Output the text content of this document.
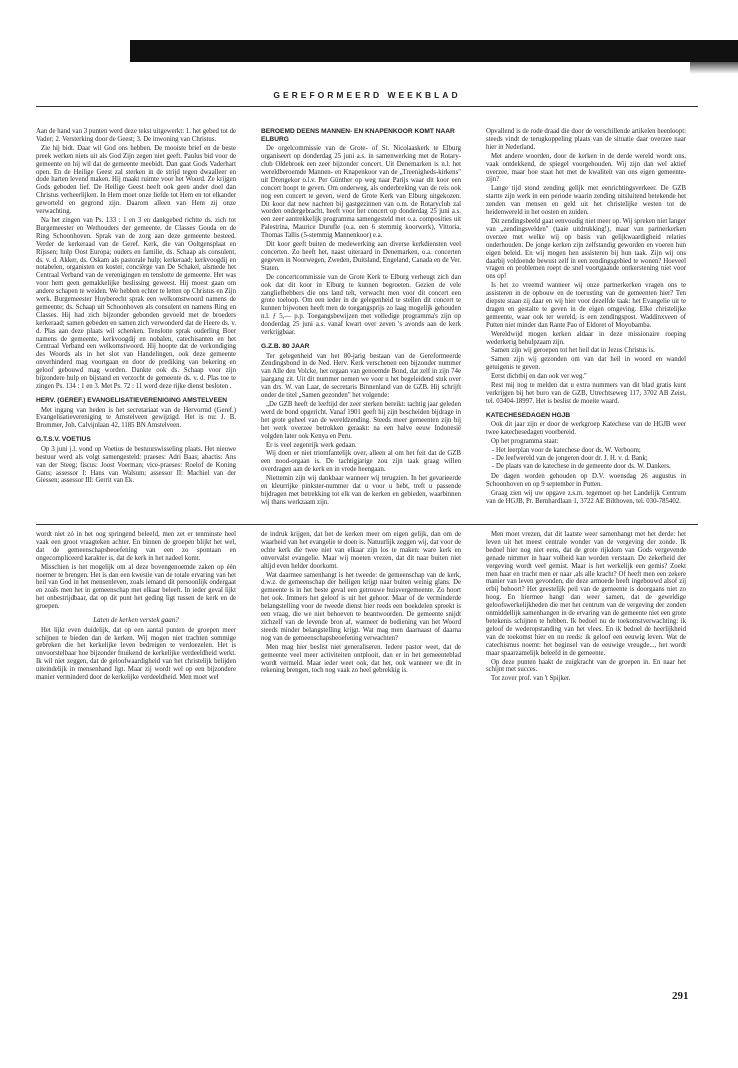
GEREFORMEERD WEEKBLAD

Aan de hand van 3 punten werd deze tekst uitgewerkt: 1. het gebed tot de Vader; 2. Versterking door de Geest; 3. De inwoning van Christus.

Zie hij bidt. Daar wil God ons hebben. De mooiste brief en de beste preek werken niets uit als God Zijn zegen niet geeft. Paulus bid voor de gemeente en hij wil dat de gemeente meebidt. Dan gaat Gods Vaderhart open. En de Heilige Geest zal sterken in de strijd tegen dwaalleer en dode harten levend maken. Hij maakt ruimte voor het Woord. Ze krijgen Gods geboden lief. De Heilige Geest heeft ook geen ander doel dan Christus verheerlijken. In Hem moet onze liefde tot Hem en tot elkander geworteld en gegrond zijn. Daarom alleen van Hem zij onze verwachting.

Na het zingen van Ps. 133 : 1 en 3 en dankgebed richtte ds. zich tot Burgemeester en Wethouders der gemeente, de Classes Gouda en de Ring Schoonhoven. Sprak van de zorg aan deze gemeente besteed. Verder de kerkeraad van de Geref. Kerk, die van Ooltgensplaat en Rijssen; hulp Oost Europa; ouders en familie, ds. Schaap als consulent, ds. v. d. Akker, ds. Oskam als pastorale hulp; kerkeraad; kerkvoogdij en notabelen, organisten en koster, conciërge van De Schakel, alsmede het Centraal Verband van de verenigingen en tenslotte de gemeente. Het was voor hem geen gemakkelijke beslissing geweest. Hij moest gaan om andere schapen te weiden. We hebben echter te letten op Christus en Zijn werk. Burgemeester Huyberecht sprak een welkomstwoord namens de gemeente; ds. Schaap uit Schoonhoven als consulent en namens Ring en Classes. Hij had zich bijzonder gebonden gevoeld met de broeders kerkeraad; samen gebeden en samen zich verwonderd dat de Heere ds. v. d. Plas aan deze plaats wil schenken. Tenslotte sprak ouderling Boer namens de gemeente, kerkvoogdij en nobalen, catechisanten en het Centraal Verband een welkomstwoord. Hij hoopte dat de verkondiging des Woords als in het slot van Handelingen, ook deze gemeente onverhinderd mag voortgaan en door de prediking van bekering en geloof gebouwd mag worden. Dankte ook ds. Schaap voor zijn bijzondere hulp en bijstand en verzocht de gemeente ds. v. d. Plas toe te zingen Ps. 134 : 1 en 3. Met Ps. 72 : 11 werd deze rijke dienst besloten .

HERV. (GEREF.) EVANGELISATIEVERENIGING AMSTELVEEN

Met ingang van heden is het secretariaat van de Hervormd (Geref.) Evangelisatievereniging te Amstelveen gewijzigd. Het is nu: J. B. Brommer, Joh. Calvijnlaan 42, 1185 BN Amstelveen.

G.T.S.V. VOETIUS

Op 3 juni j.l. vond op Voetius de bestuurswisseling plaats. Het nieuwe bestuur werd als volgt samengesteld: praeses: Adri Baas; abactis: Ans van der Steeg; fiscus: Joost Voerman; vice-praeses: Roelof de Koning Gans; assessor I: Hans van Walsum; assessor II: Machiel van der Giessen; assessor III: Gerrit van Ek.

BEROEMD DEENS MANNEN- EN KNAPENKOOR KOMT NAAR ELBURG

De orgelcommissie van de Grote- of St. Nicolaaskerk te Elburg organiseert op donderdag 25 juni a.s. in samenwerking met de Rotary-club Oldebroek een zeer bijzonder concert. Uit Denemarken is n.l. het wereldberoemde Mannen- en Knapenkoor van de „Treenigheds-kirkens" uit Drengekor o.l.v. Per Günther op weg naar Parijs waar dit koor een concert hoopt te geven. Om onderweg, als onderbreking van de reis ook nog een concert te geven, werd de Grote Kerk van Elburg uitgekozen. Dit koor dat new nachten bij gastgezinnen van o.m. de Rotaryclub zal worden ondergebracht, heeft voor het concert op donderdag 25 juni a.s. een zeer aantrekkelijk programma samengesteld met o.a. composities uit Palestrina, Maurice Durufle (o.a. een 6 stemmig koorwerk), Vittoria, Thomas Tallis (5-stemmig Mannenkoor) e.a.

Dit koor geeft buiten de medewerking aan diverse kerkdiensten veel concerten. Zo heeft het, naast uiteraard in Denemarken, o.a. concerten gegeven in Noorwegen, Zweden, Duitsland, Engeland, Canada en de Ver. Staten.

De concertcommissie van de Grote Kerk te Elburg verheugt zich dan ook dat dit koor in Elburg te kunnen begroeten. Gezien de vele zangliefhebbers die ons land telt, verwacht men voor dit concert een grote toeloop. Om een ieder in de gelegenheid te stellen dit concert te kunnen bijwonen heeft men de toegangsprijs zo laag mogelijk gehouden n.l. ƒ 5,— p.p. Toegangsbewijzen met volledige programma's zijn op donderdag 25 juni a.s. vanaf kwart over zeven 's avonds aan de kerk verkrijgbaar.

G.Z.B. 80 JAAR

Ter gelegenheid van het 80-jarig bestaan van de Gereformeerde Zendingsbond in de Ned. Herv. Kerk verschenen een bijzonder nummer van Alle den Volcke, het orgaan van genoemde Bond, dat zelf in zijn 74e jaargang zit. Uit dit nummer nemen we voor u het begeleidend stuk over van drs. W. van Laar, de secretaris Binnenland van de GZB. Hij schrijft onder de titel „Samen gezonden" het volgende:

„De GZB heeft de leeftijd der zeer sterken bereikt: tachtig jaar geleden werd de bond opgericht. Vanaf 1901 geeft hij zijn bescheiden bijdrage in het grote geheel van de wereldzending. Steeds meer gemeenten zijn bij het werk overzee betrokken geraakt: na een halve eeuw Indonesië volgden later ook Kenya en Peru.

Er is veel zegenrijk werk gedaan.

Wij doen er niet triomfantelijk over, alleen al om het feit dat de GZB een nood-orgaan is. De tachtigjarige zou zijn taak graag willen overdragen aan de kerk en in vrede heengaan.

Niettemin zijn wij dankbaar wanneer wij terugzien. In het gevarieerde en kleurrijke pinkster-nummer dat u voor u hebt, treft u passende bijdragen met betrekking tot elk van de kerken en gebieden, waarbinnen wij thans werkzaam zijn.

Opvallend is de rode draad die door de verschillende artikelen heenloopt: steeds vindt de terugkoppeling plaats van de situatie daar overzee naar hier in Nederland.

Met andere woorden, door de kerken in de derde wereld wordt ons, vaak ontdekkend, de spiegel voorgehouden. Wij zijn dan wel aktief overzee, maar hoe staat het met de kwaliteit van ons eigen gemeente-zijn?

Lange tijd stond zending gelijk met eenrichtingsverkeer. De GZB startte zijn werk in een periode waarin zending uitsluitend betekende het zenden van mensen en geld uit het christelijke westen tot de heidenwereld in het oosten en zuiden.

Dit zendingsbeeld gaat eenvoudig niet meer op. Wij spreken niet langer van „zendingsvelden" (taaie uitdrukking!), maar van partnerkerken overzee met welke wij op basis van gelijkwaardigheid relaties onderhouden. De jonge kerken zijn zelfstandig geworden en voeren hun eigen beleid. En wij mogen hen assisteren bij hun taak. Zijn wij ons daarbij voldoende bewust zelf in een zendingsgebied te wonen? Hoeveel vragen en problemen roept de snel voortgaande ontkerstening niet voor ons op!

Is het zo vreemd wanneer wij onze partnerkerken vragen ons te assisteren in de opbouw en de toerusting van de gemeenten hier? Ten diepste staan zij daar en wij hier voor dezelfde taak: het Evangelie uit te dragen en gestalte te geven in de eigen omgeving. Elke christelijke gemeente, waar ook ter wereld, is een zendingspost. Waddinxveen of Putten niet minder dan Rante Pao of Eldoret of Moyobamba.

Wereldwijd mogen kerken aldaar in deze missionaire roeping wederkerig behulpzaam zijn.

Samen zijn wij geroepen tot het heil dat in Jezus Christus is.

Samen zijn wij gezonden om van dat heil in woord en wandel getuigenis te geven.

Eerst dichtbij en dan ook ver weg."

Rest mij nog te melden dat u extra nummers van dit blad gratis kunt verkrijgen bij het buro van de GZB, Utrechtseweg 117, 3702 AB Zeist, tel. 03404-18997. Het is beslist de moeite waard.

KATECHESEDAGEN HGJB

Ook dit jaar zijn er door de werkgroep Katechese van de HGJB weer twee katechesedagen voorbereid.

Op het programma staat:

- Het leerplan voor de katechese door ds. W. Verboom;
- De leefwereld van de jongeren door dr. J. H. v. d. Bank;
- De plaats van de katechese in de gemeente door ds. W. Dankers.

De dagen worden gehouden op D.V. woensdag 26 augustus in Schoonhoven en op 9 september in Putten.

Graag zien wij uw opgave z.s.m. tegemoet op het Landelijk Centrum van de HGJB, Pr. Bernhardlaan 1, 3722 AE Bilthoven, tel. 030-785402.

wordt niet zó in het oog springend beleefd, men zet er tenminste heel vaak een groot vraagteken achter. En binnen de groepen blijkt het wel, dat de gemeenschapsbeoefening van een zo spontaan en ongecompliceerd karakter is, dat de kerk in het nadeel komt.

Misschien is het mogelijk om al deze bovengenoemde zaken op één noemer te brengen. Het is dan een kwestie van de totale ervaring van het heil van God in het mensenleven, zoals iemand dit persoonlijk ondergaat en zoals men het in gemeenschap met elkaar beleeft. In ieder geval lijkt het onbestrijdbaar, dat op dit punt het geding ligt tussen de kerk en de groepen.

Laten de kerken verstek gaan?

Het lijkt even duidelijk, dat op een aantal punten de groepen meer schijnen te bieden dan de kerken. Wij mogen niet trachten sommige gebreken die het kerkelijke leven bedreigen te verdoezelen. Het is onvoorstelbaar hoe bijzonder fnuikend de kerkelijke verdeeldheid werkt. Ik wil niet zeggen, dat de geloofwaardigheid van het christelijk belijden uiteindelijk in mensenhand ligt. Maar zij wordt wel op een bijzondere manier verminderd door de kerkelijke verdeeldheid. Men moet wel

de indruk krijgen, dat het de kerken meer om eigen gelijk, dan om de waarheid van het evangelie te doen is. Natuurlijk zeggen wij, dat voor de echte kerk die twee niet van elkaar zijn los te maken: ware kerk en onvervalst evangelie. Maar wij moeten vrezen, dat dit naar buiten niet altijd even helder doorkomt.

Wat daarmee samenhangt is het tweede: de gemeenschap van de kerk, d.w.z. de gemeenschap der heiligen krijgt naar buiten weinig glans. De gemeente is in het beste geval een getrouwe huisvergemeente. Zo hoort het ook. Immers het geloof is uit het gehoor. Maar of de verminderde belangstelling voor de tweede dienst hier reeds een boekdelen spreekt is een vraag, die we niet behoeven te beantwoorden. De gemeente snijdt zichzelf van de levende bron af, wanneer de bediening van het Woord steeds minder belangstelling krijgt. Wat mag men daarnaast of daarna nog van de gemeenschapsbeoefening verwachten?

Men mag hier beslist niet generaliseren. Iedere pastor weet, dat de gemeente veel meer activiteiten ontplooit, dan er in het gemeenteblad wordt vermeld. Maar ieder weet ook, dat het, ook wanneer we dit in rekening brengen, toch nog vaak zo heel gebrekkig is.

Men moet vrezen, dat dit laatste weer samenhangt met het derde: het leven uit het meest centrale wonder van de vergeving der zonde. Ik bedoel hier nog niet eens, dat de grote rijkdom van Gods vergevende genade nimmer in haar volheid kan worden verstaan. De zekerheid der vergeving wordt veel gemist. Maar is het werkelijk een gemis? Zoekt men haar en tracht men er naar ,als alle kracht? Of heeft men een zekere manier van leven gevonden, die deze armoede heeft ingebouwd alsof zij erbij behoort? Het geestelijk peil van de gemeente is doorgaans niet zo hoog. En hiermee hangt dan weer samen, dat de geweldige geloofswerkelijkheden die met het centrum van de vergeving der zonden onmiddellijk samenhangen in de ervaring van de gemeente niet een grote betekenis schijnen te hebben. Ik bedoel nu de toekomstverwachting: ik geloof de wederopstanding van het vlees. En ik bedoel de heerlijkheid van de toekomst hier en nu reeds: ik geloof een eeuwig leven. Wat de catechismus noemt: het beginsel van de eeuwige vreugde..., het wordt maar spaarzamelijk beleefd in de gemeente.

Op deze punten haakt de zuigkracht van de groepen in. En naar het schijnt met succes.

Tot zover prof. van 't Spijker.

291
